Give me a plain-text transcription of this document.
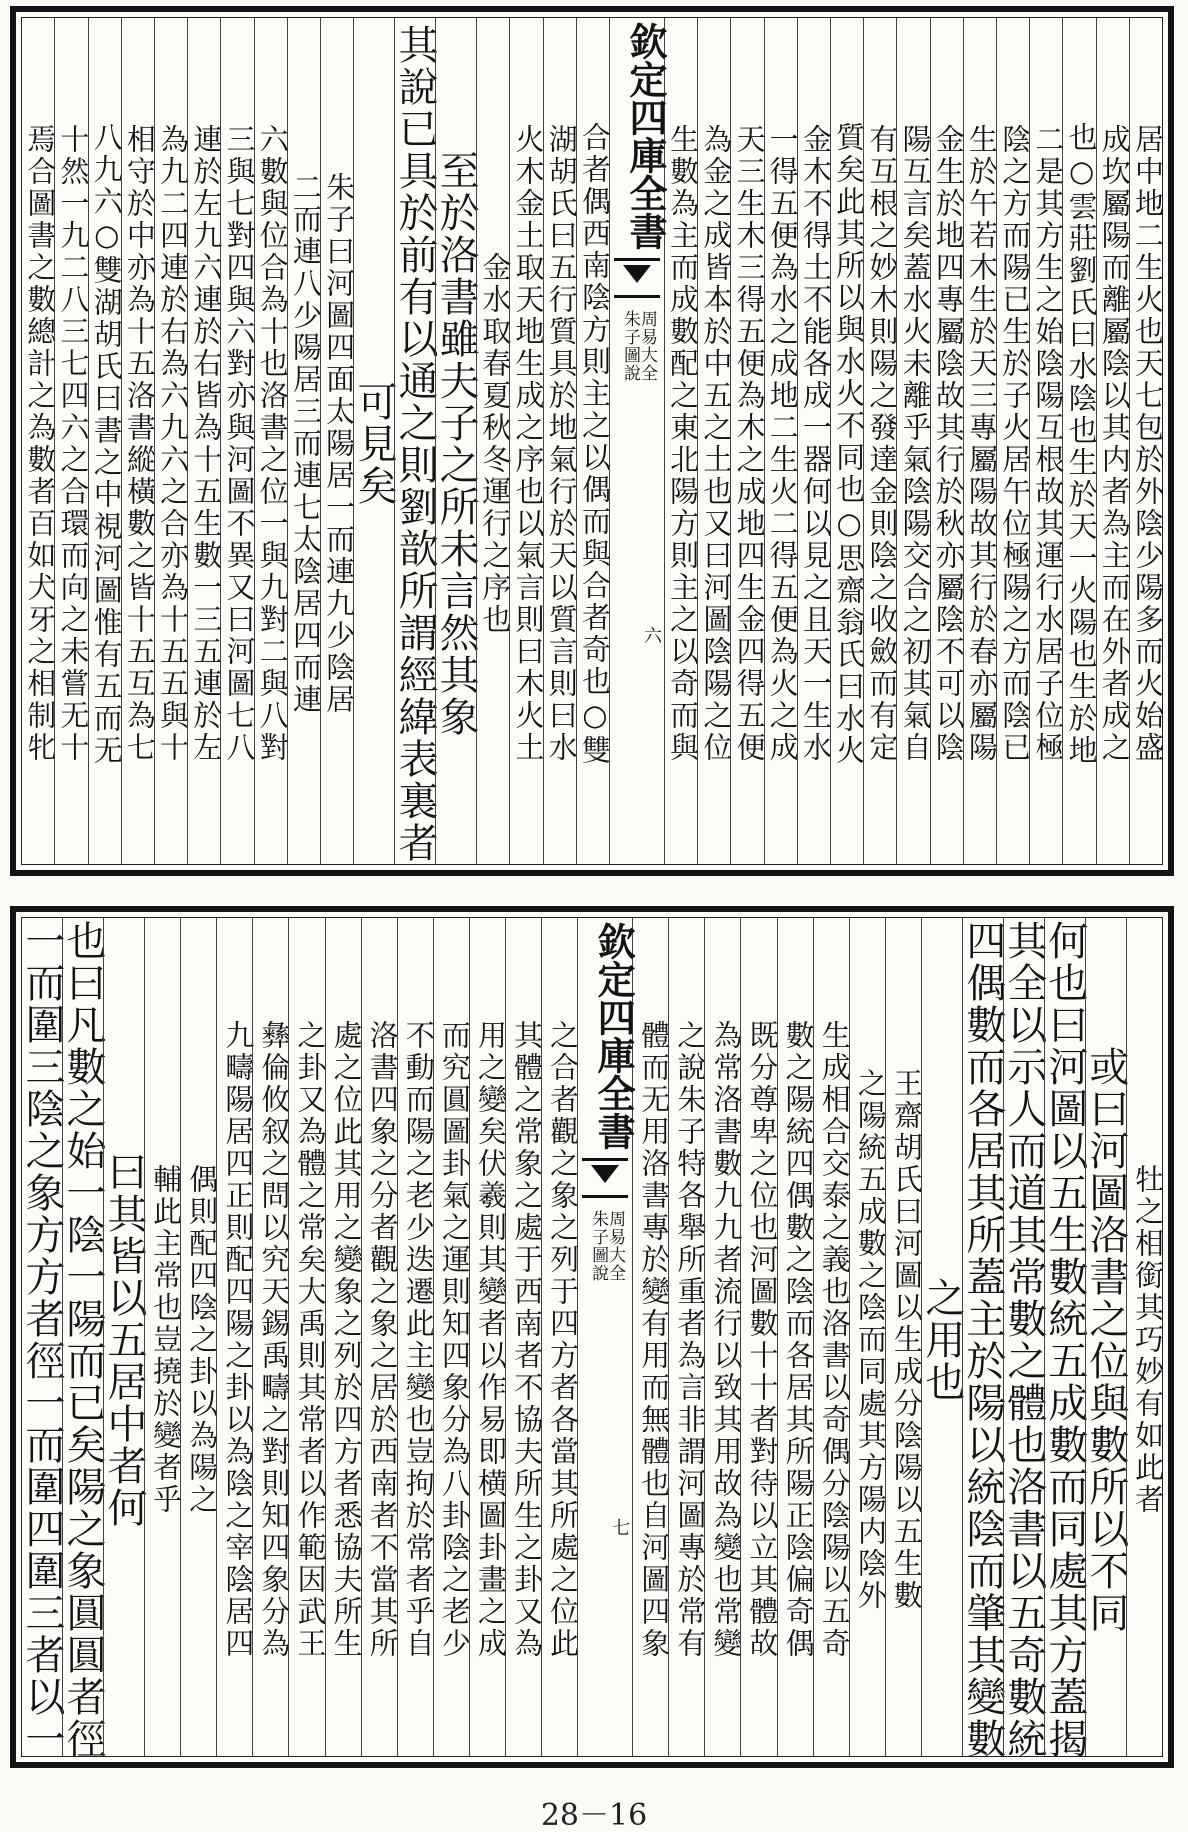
居中地二生火也天七包於外陰少陽多而火始盛
成坎屬陽而離屬陰以其内者為主而在外者成之
也○雲莊劉氏曰水陰也生於天一火陽也生於地
二是其方生之始陰陽互根故其運行水居子位極
陰之方而陽已生於子火居午位極陽之方而陰已
生於午若木生於天三專屬陽故其行於春亦屬陽
金生於地四專屬陰故其行於秋亦屬陰不可以陰
陽互言矣蓋水火未離乎氣陰陽交合之初其氣自
有互根之妙木則陽之發達金則陰之收斂而有定
質矣此其所以與水火不同也○思齋翁氏曰水火
金木不得土不能各成一器何以見之且天一生水
一得五便為水之成地二生火二得五便為火之成
天三生木三得五便為木之成地四生金四得五便
為金之成皆本於中五之土也又曰河圖陰陽之位
生數為主而成數配之東北陽方則主之以奇而與
欽定四庫全書
周易大全
朱子圖說
六
合者偶西南陰方則主之以偶而與合者奇也○雙
湖胡氏曰五行質具於地氣行於天以質言則曰水
火木金土取天地生成之序也以氣言則曰木火土
金水取春夏秋冬運行之序也
至於洛書雖夫子之所未言然其象
其說已具於前有以通之則劉歆所謂經緯表裏者
可見矣
朱子曰河圖四面太陽居一而連九少陰居
二而連八少陽居三而連七太陰居四而連
六數與位合為十也洛書之位一與九對二與八對
三與七對四與六對亦與河圖不異又曰河圖七八
連於左九六連於右皆為十五生數一三五連於左
為九二四連於右為六九六之合亦為十五五與十
相守於中亦為十五洛書縱橫數之皆十五互為七
八九六○雙湖胡氏曰書之中視河圖惟有五而无
十然一九二八三七四六之合環而向之未嘗无十
焉合圖書之數總計之為數者百如犬牙之相制牝
牡之相銜其巧妙有如此者
或曰河圖洛書之位與數所以不同
何也曰河圖以五生數統五成數而同處其方蓋揭
其全以示人而道其常數之體也洛書以五奇數統
四偶數而各居其所蓋主於陽以統陰而肇其變數
之用也
王齋胡氏曰河圖以生成分陰陽以五生數
之陽統五成數之陰而同處其方陽内陰外
生成相合交泰之義也洛書以奇偶分陰陽以五奇
數之陽統四偶數之陰而各居其所陽正陰偏奇偶
既分尊卑之位也河圖數十十者對待以立其體故
為常洛書數九九者流行以致其用故為變也常變
之說朱子特各舉所重者為言非謂河圖專於常有
體而无用洛書專於變有用而無體也自河圖四象
欽定四庫全書
周易大全
朱子圖說
七
之合者觀之象之列于四方者各當其所處之位此
其體之常象之處于西南者不協夫所生之卦又為
用之變矣伏羲則其變者以作易即横圖卦畫之成
而究圓圖卦氣之運則知四象分為八卦陰之老少
不動而陽之老少迭遷此主變也豈拘於常者乎自
洛書四象之分者觀之象之居於西南者不當其所
處之位此其用之變象之列於四方者悉協夫所生
之卦又為體之常矣大禹則其常者以作範因武王
彝倫攸叙之問以究天錫禹疇之對則知四象分為
九疇陽居四正則配四陽之卦以為陰之宰陰居四
偶則配四陰之卦以為陽之
輔此主常也豈撓於變者乎
曰其皆以五居中者何
也曰凡數之始一陰一陽而已矣陽之象圓圓者徑
一而圍三陰之象方方者徑一而圍四圍三者以一
28－16
